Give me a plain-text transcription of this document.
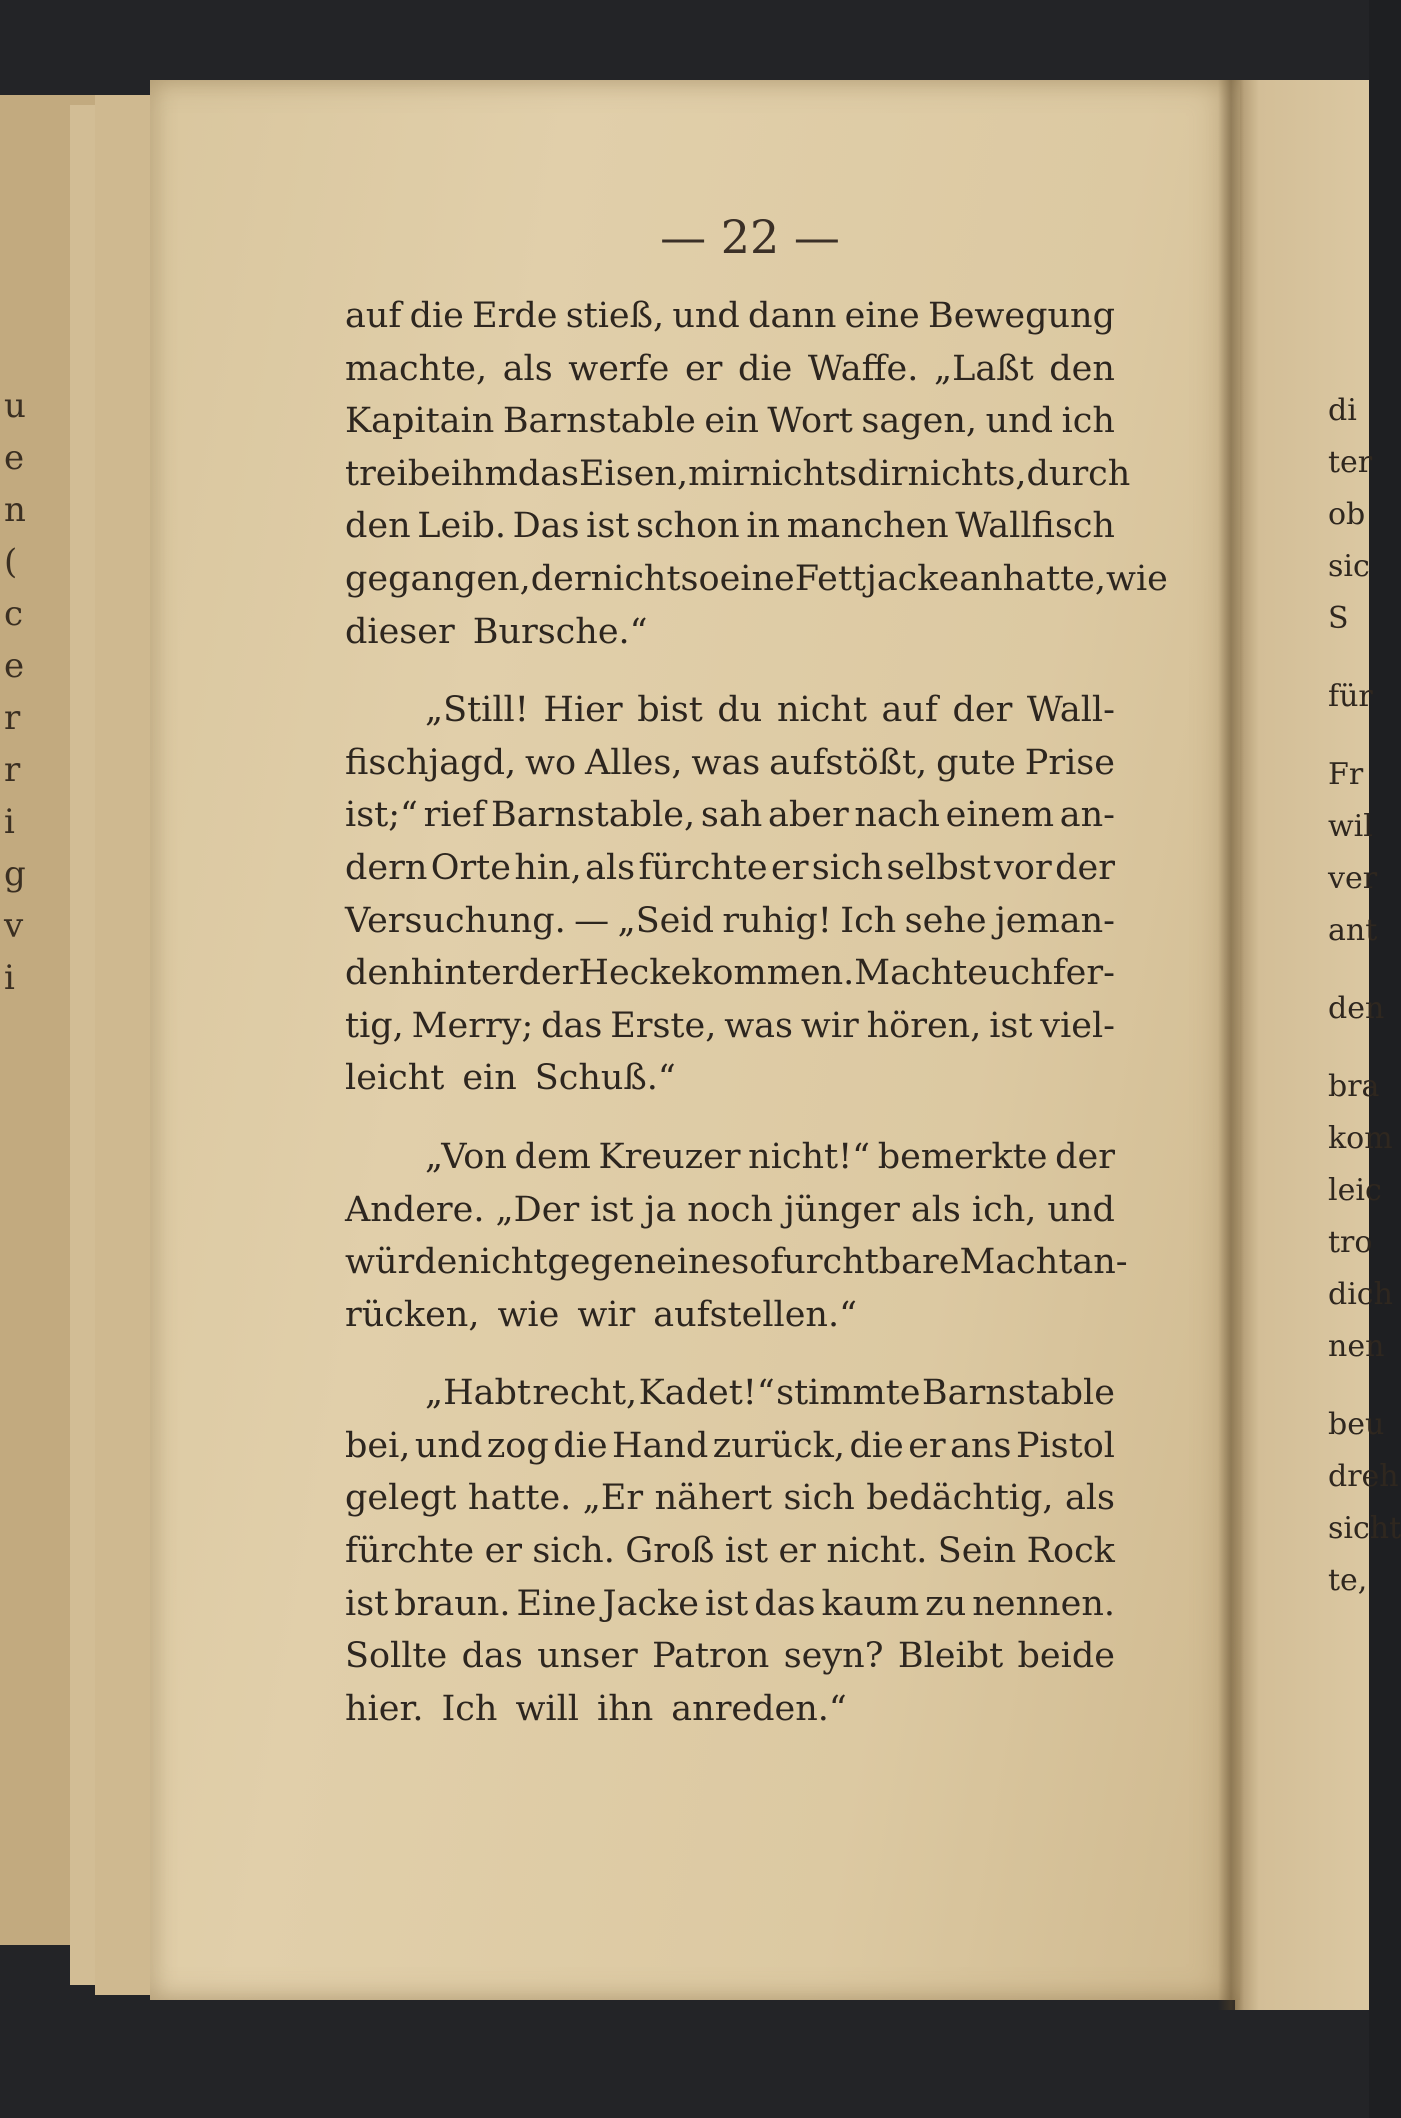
u
e
n
(
c
e
r
r
i
g
v
i
di
ter
ob
sic
S
für
Fr
wil
ver
ant
den
bra
kom
leic
tro
dich
nen
beu
dreh
sicht
te,
— 22 —
auf die Erde stieß, und dann eine Bewegung
machte, als werfe er die Waffe. „Laßt den
Kapitain Barnstable ein Wort sagen, und ich
treibe ihm das Eisen, mir nichts dir nichts, durch
den Leib. Das ist schon in manchen Wallfisch
gegangen, der nicht so eine Fettjacke anhatte, wie
dieser Bursche.“
„Still! Hier bist du nicht auf der Wall-
fischjagd, wo Alles, was aufstößt, gute Prise
ist;“ rief Barnstable, sah aber nach einem an-
dern Orte hin, als fürchte er sich selbst vor der
Versuchung. — „Seid ruhig! Ich sehe jeman-
den hinter der Hecke kommen. Macht euch fer-
tig, Merry; das Erste, was wir hören, ist viel-
leicht ein Schuß.“
„Von dem Kreuzer nicht!“ bemerkte der
Andere. „Der ist ja noch jünger als ich, und
würde nicht gegen eine so furchtbare Macht an-
rücken, wie wir aufstellen.“
„Habt recht, Kadet!“ stimmte Barnstable
bei, und zog die Hand zurück, die er ans Pistol
gelegt hatte. „Er nähert sich bedächtig, als
fürchte er sich. Groß ist er nicht. Sein Rock
ist braun. Eine Jacke ist das kaum zu nennen.
Sollte das unser Patron seyn? Bleibt beide
hier. Ich will ihn anreden.“
